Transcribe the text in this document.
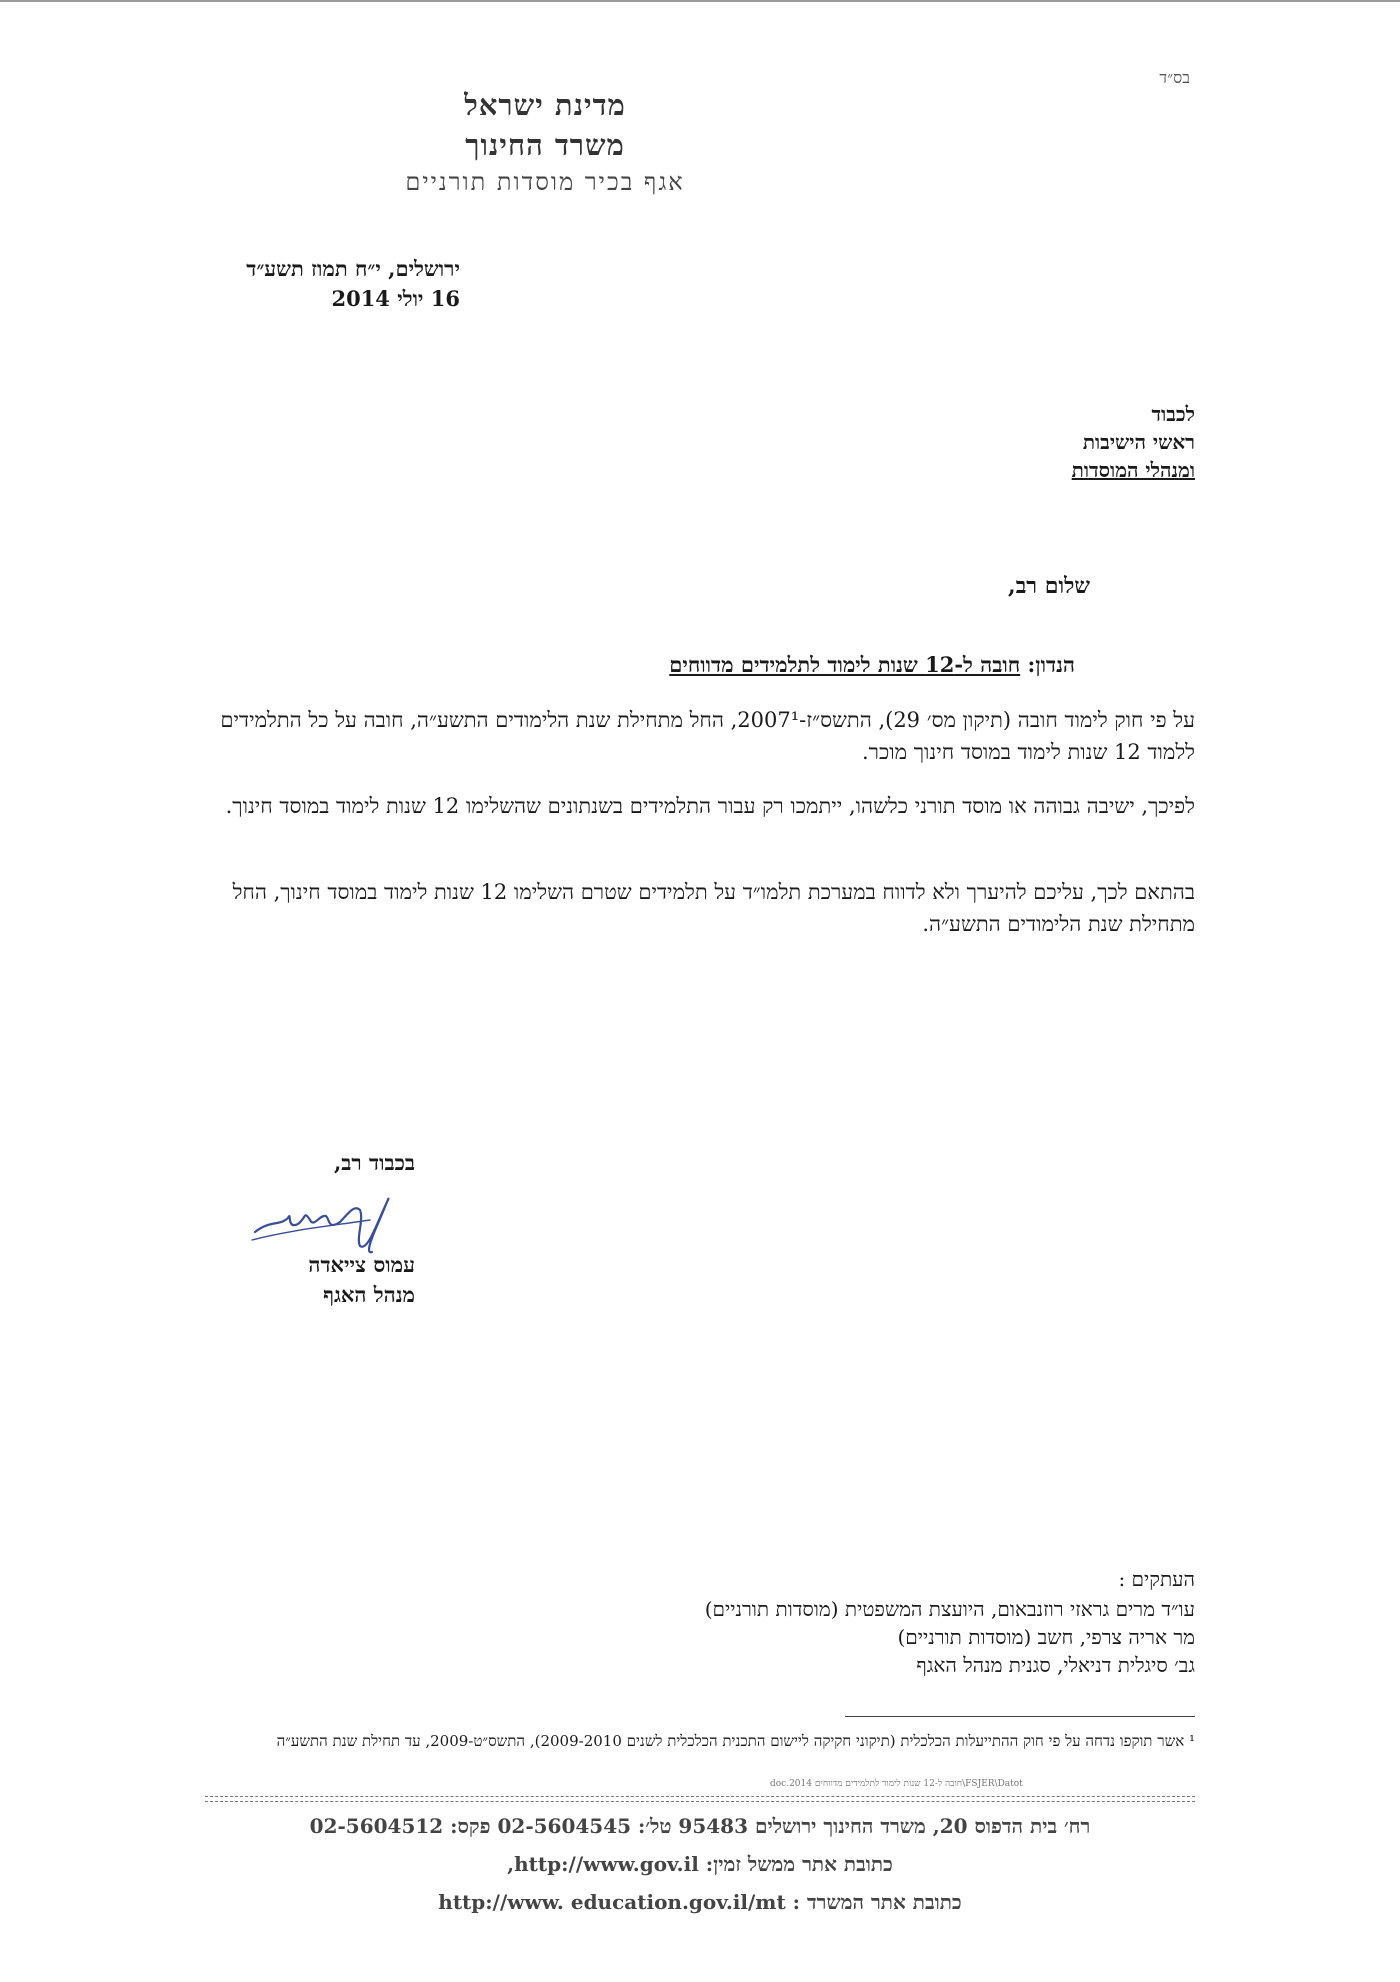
בס״ד
מדינת ישראל
משרד החינוך
אגף בכיר מוסדות תורניים
ירושלים, י״ח תמוז תשע״ד
16 יולי 2014
לכבוד
ראשי הישיבות
ומנהלי המוסדות
שלום רב,
הנדון: חובה ל-12 שנות לימוד לתלמידים מדווחים
על פי חוק לימוד חובה (תיקון מס׳ 29), התשס״ז-2007¹, החל מתחילת שנת הלימודים התשע״ה, חובה על כל התלמידים ללמוד 12 שנות לימוד במוסד חינוך מוכר.
לפיכך, ישיבה גבוהה או מוסד תורני כלשהו, ייתמכו רק עבור התלמידים בשנתונים שהשלימו 12 שנות לימוד במוסד חינוך.
בהתאם לכך, עליכם להיערך ולא לדווח במערכת תלמו״ד על תלמידים שטרם השלימו 12 שנות לימוד במוסד חינוך, החל מתחילת שנת הלימודים התשע״ה.
בכבוד רב,
עמוס צייאדה
מנהל האגף
העתקים :
עו״ד מרים גראזי רוזנבאום, היועצת המשפטית (מוסדות תורניים)
מר אריה צרפי, חשב (מוסדות תורניים)
גב׳ סיגלית דניאלי, סגנית מנהל האגף
¹ אשר תוקפו נדחה על פי חוק ההתייעלות הכלכלית (תיקוני חקיקה ליישום התכנית הכלכלית לשנים 2009-2010), התשס״ט-2009, עד תחילת שנת התשע״ה
doc.2014 חובה ל-12 שנות לימוד לתלמידים מדווחים\FSJER\Datot
רח׳ בית הדפוס 20, משרד החינוך ירושלים 95483 טל׳: 02-5604545 פקס: 02-5604512
כתובת אתר ממשל זמין: http://www.gov.il,
כתובת אתר המשרד : http://www. education.gov.il/mt
